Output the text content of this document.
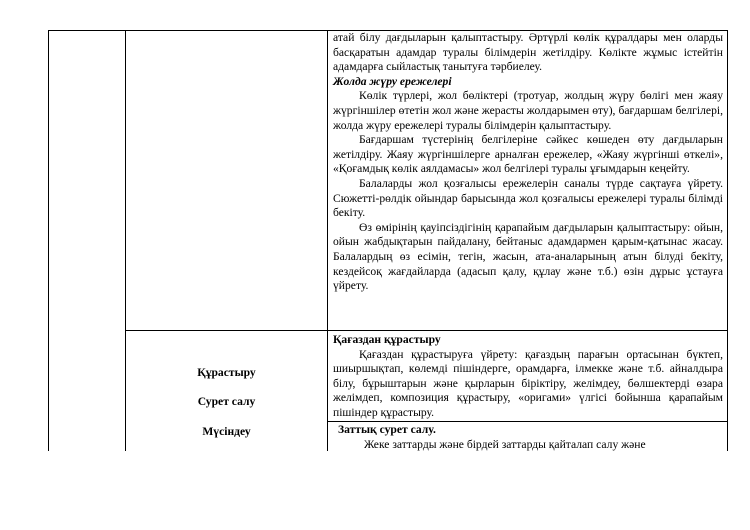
атай білу дағдыларын қалыптастыру. Әртүрлі көлік құралдары мен оларды басқаратын адамдар туралы білімдерін жетілдіру. Көлікте жұмыс істейтін адамдарға сыйластық танытуға тәрбиелеу.

Жолда жүру ережелері

Көлік түрлері, жол бөліктері (тротуар, жолдың жүру бөлігі мен жаяу жүргіншілер өтетін жол және жерасты жолдарымен өту), бағдаршам белгілері, жолда жүру ережелері туралы білімдерін қалыптастыру.

Бағдаршам түстерінің белгілеріне сәйкес көшеден өту дағдыларын жетілдіру. Жаяу жүргіншілерге арналған ережелер, «Жаяу жүргінші өткелі», «Қоғамдық көлік аялдамасы» жол белгілері туралы ұғымдарын кеңейту.

Балаларды жол қозғалысы ережелерін саналы түрде сақтауға үйрету. Сюжетті-рөлдік ойындар барысында жол қозғалысы ережелері туралы білімді бекіту.

Өз өмірінің қауіпсіздігінің қарапайым дағдыларын қалыптастыру: ойын, ойын жабдықтарын пайдалану, бейтаныс адамдармен қарым-қатынас жасау. Балалардың өз есімін, тегін, жасын, ата-аналарының атын білуді бекіту, кездейсоқ жағдайларда (адасып қалу, құлау және т.б.) өзін дұрыс ұстауға үйрету.

Құрастыру
Сурет салу
Мүсіндеу

Қағаздан құрастыру

Қағаздан құрастыруға үйрету: қағаздың парағын ортасынан бүктеп, шиыршықтап, көлемді пішіндерге, орамдарға, ілмекке және т.б. айналдыра білу, бұрыштарын және қырларын біріктіру, желімдеу, бөлшектерді өзара желімдеп, композиция құрастыру, «оригами» үлгісі бойынша қарапайым пішіндер құрастыру.

Заттық сурет салу.

Жеке заттарды және бірдей заттарды қайталап салу және
